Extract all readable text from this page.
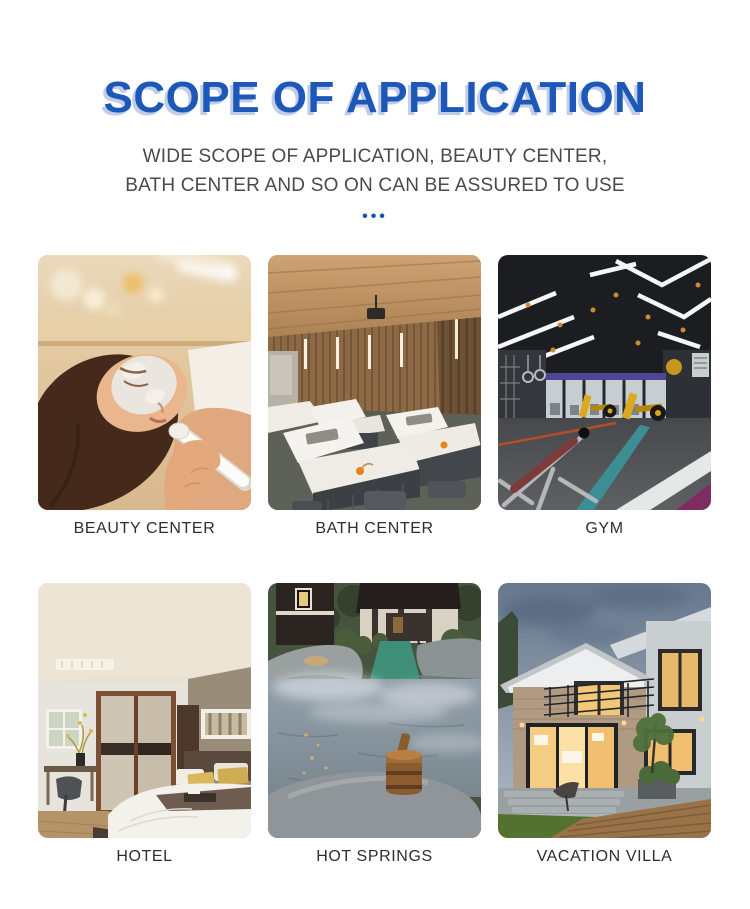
SCOPE OF APPLICATION
WIDE SCOPE OF APPLICATION, BEAUTY CENTER,
BATH CENTER AND SO ON CAN BE ASSURED TO USE
•••
BEAUTY CENTER	BATH CENTER	GYM
HOTEL	HOT SPRINGS	VACATION VILLA
